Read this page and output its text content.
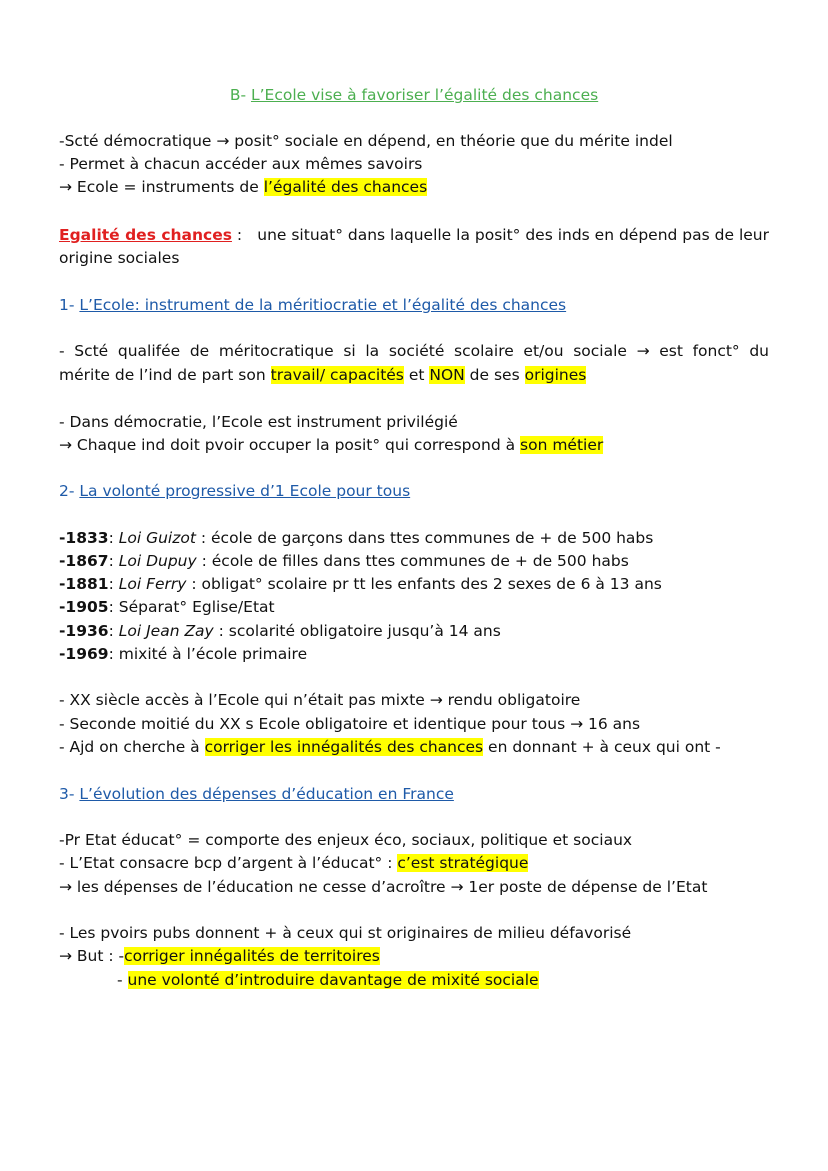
B- L’Ecole vise à favoriser l’égalité des chances
-Scté démocratique → posit° sociale en dépend, en théorie que du mérite indel
- Permet à chacun accéder aux mêmes savoirs
→ Ecole = instruments de l’égalité des chances
Egalité des chances : une situat° dans laquelle la posit° des inds en dépend pas de leur
origine sociales
1- L’Ecole: instrument de la méritiocratie et l’égalité des chances
- Scté qualifée de méritocratique si la société scolaire et/ou sociale → est fonct° du
mérite de l’ind de part son travail/ capacités et NON de ses origines
- Dans démocratie, l’Ecole est instrument privilégié
→ Chaque ind doit pvoir occuper la posit° qui correspond à son métier
2- La volonté progressive d’1 Ecole pour tous
-1833: Loi Guizot : école de garçons dans ttes communes de + de 500 habs
-1867: Loi Dupuy : école de filles dans ttes communes de + de 500 habs
-1881: Loi Ferry : obligat° scolaire pr tt les enfants des 2 sexes de 6 à 13 ans
-1905: Séparat° Eglise/Etat
-1936: Loi Jean Zay : scolarité obligatoire jusqu’à 14 ans
-1969: mixité à l’école primaire
- XX siècle accès à l’Ecole qui n’était pas mixte → rendu obligatoire
- Seconde moitié du XX s Ecole obligatoire et identique pour tous → 16 ans
- Ajd on cherche à corriger les innégalités des chances en donnant + à ceux qui ont -
3- L’évolution des dépenses d’éducation en France
-Pr Etat éducat° = comporte des enjeux éco, sociaux, politique et sociaux
- L’Etat consacre bcp d’argent à l’éducat° : c’est stratégique
→ les dépenses de l’éducation ne cesse d’acroître → 1er poste de dépense de l’Etat
- Les pvoirs pubs donnent + à ceux qui st originaires de milieu défavorisé
→ But : -corriger innégalités de territoires
- une volonté d’introduire davantage de mixité sociale
